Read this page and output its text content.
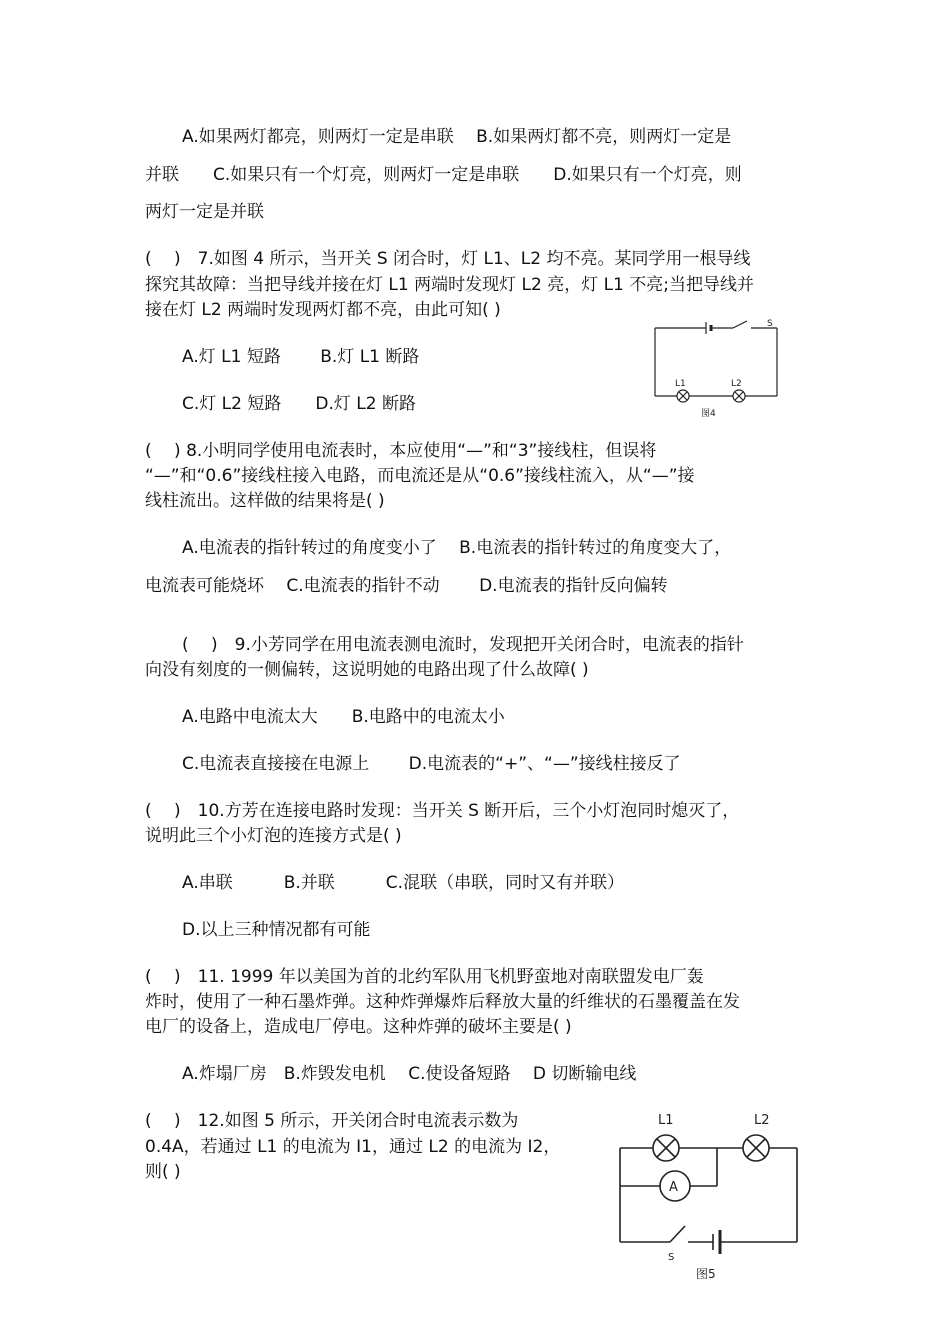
A.如果两灯都亮，则两灯一定是串联　 B.如果两灯都不亮，则两灯一定是
并联　　C.如果只有一个灯亮，则两灯一定是串联　　D.如果只有一个灯亮，则
两灯一定是并联
(　 )　7.如图 4 所示，当开关 S 闭合时，灯 L1、L2 均不亮。某同学用一根导线
探究其故障：当把导线并接在灯 L1 两端时发现灯 L2 亮，灯 L1 不亮;当把导线并
接在灯 L2 两端时发现两灯都不亮，由此可知( )
A.灯 L1 短路　　 B.灯 L1 断路
C.灯 L2 短路　　D.灯 L2 断路
S
L1	L2
图4
(　 ) 8.小明同学使用电流表时，本应使用“—”和“3”接线柱，但误将
“—”和“0.6”接线柱接入电路，而电流还是从“0.6”接线柱流入，从“—”接
线柱流出。这样做的结果将是( )
A.电流表的指针转过的角度变小了　 B.电流表的指针转过的角度变大了，
电流表可能烧坏　 C.电流表的指针不动　　 D.电流表的指针反向偏转
(　 )　9.小芳同学在用电流表测电流时，发现把开关闭合时，电流表的指针
向没有刻度的一侧偏转，这说明她的电路出现了什么故障( )
A.电路中电流太大　　B.电路中的电流太小
C.电流表直接接在电源上　　 D.电流表的“+”、“—”接线柱接反了
(　 )　10.方芳在连接电路时发现：当开关 S 断开后，三个小灯泡同时熄灭了，
说明此三个小灯泡的连接方式是( )
A.串联　　　B.并联　　　C.混联（串联，同时又有并联）
D.以上三种情况都有可能
(　 )　11. 1999 年以美国为首的北约军队用飞机野蛮地对南联盟发电厂轰
炸时，使用了一种石墨炸弹。这种炸弹爆炸后释放大量的纤维状的石墨覆盖在发
电厂的设备上，造成电厂停电。这种炸弹的破坏主要是( )
A.炸塌厂房　B.炸毁发电机　 C.使设备短路　 D 切断输电线
(　 )　12.如图 5 所示，开关闭合时电流表示数为
0.4A，若通过 L1 的电流为 I1，通过 L2 的电流为 I2，
则( )
A
L1	L2
S
图5
